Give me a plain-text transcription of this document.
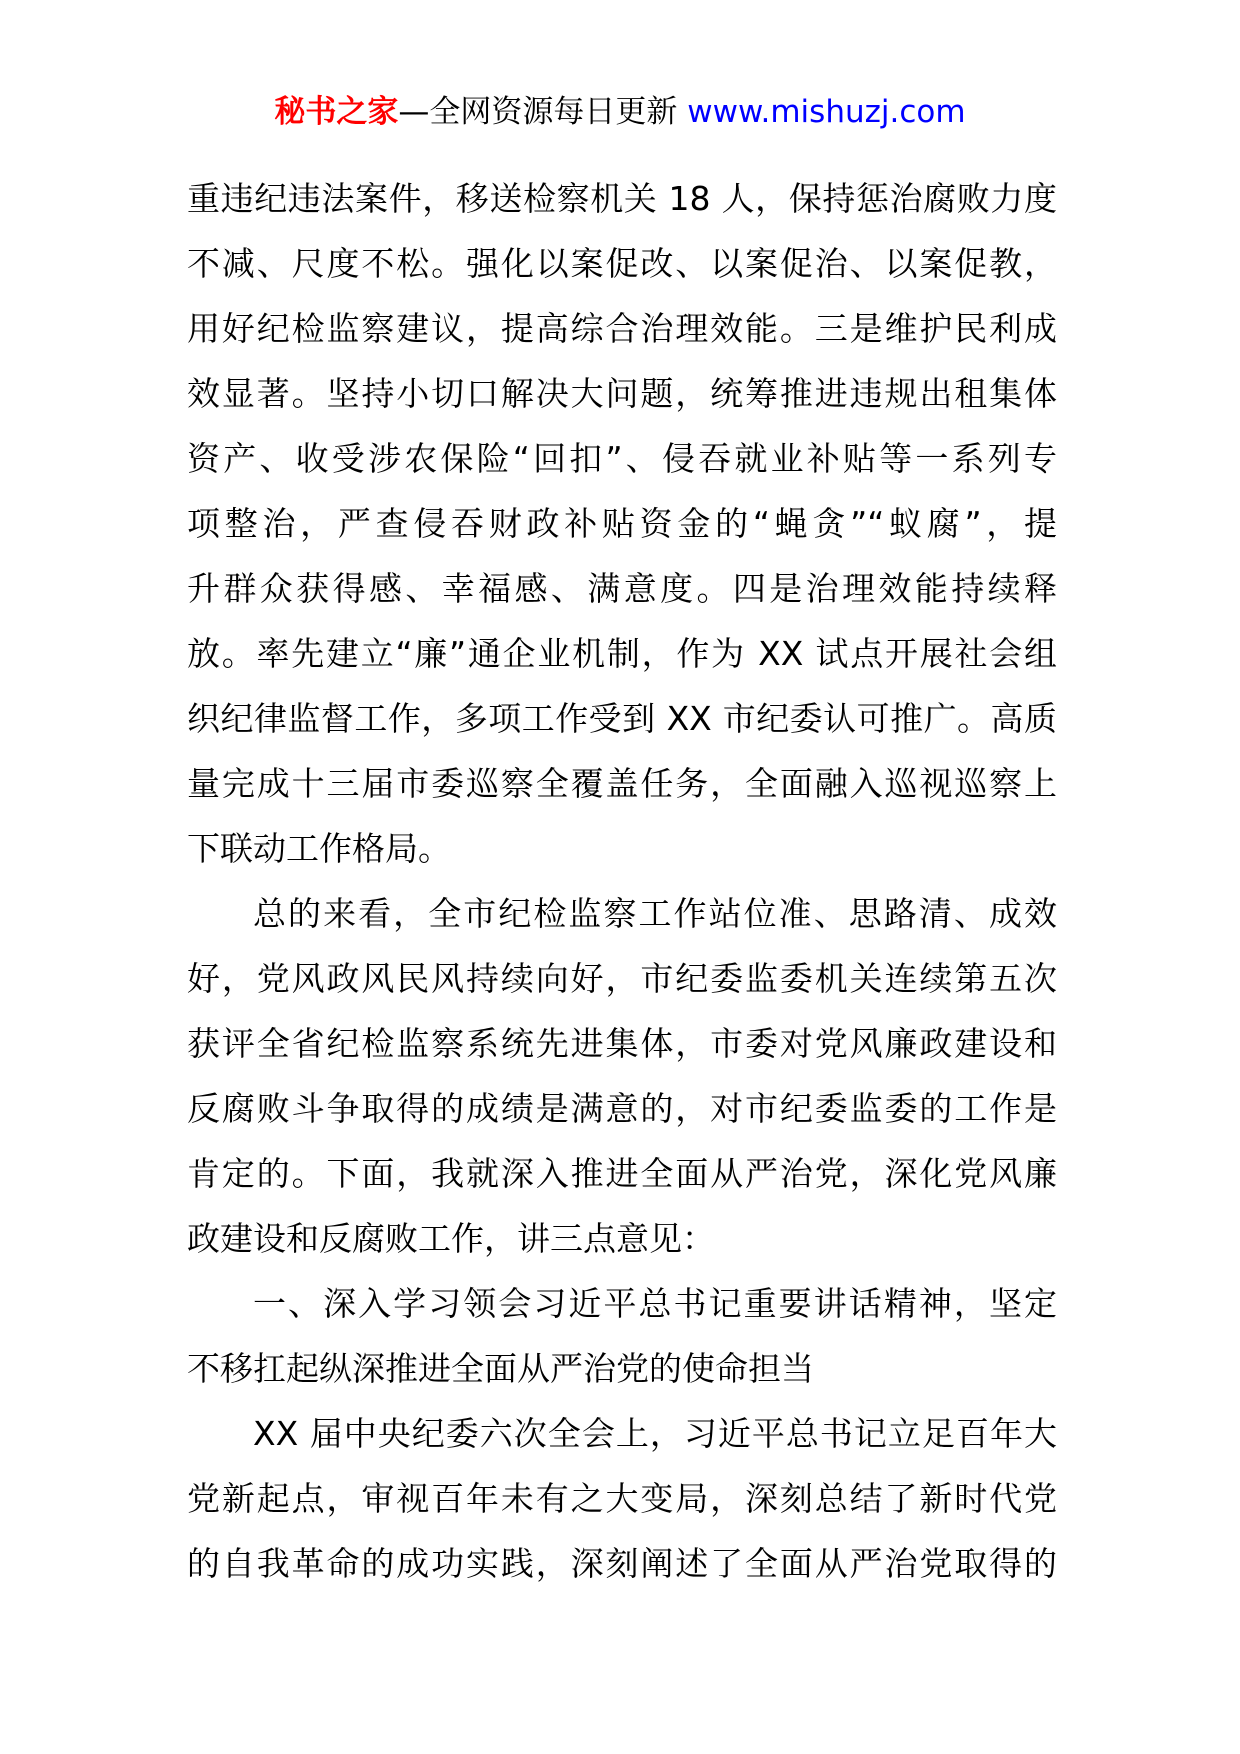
秘书之家—全网资源每日更新 www.mishuzj.com
重违纪违法案件，移送检察机关 18 人，保持惩治腐败力度
不减、尺度不松。强化以案促改、以案促治、以案促教，
用好纪检监察建议，提高综合治理效能。三是维护民利成
效显著。坚持小切口解决大问题，统筹推进违规出租集体
资产、收受涉农保险“回扣”、侵吞就业补贴等一系列专
项整治，严查侵吞财政补贴资金的“蝇贪”“蚁腐”，提
升群众获得感、幸福感、满意度。四是治理效能持续释
放。率先建立“廉”通企业机制，作为 XX 试点开展社会组
织纪律监督工作，多项工作受到 XX 市纪委认可推广。高质
量完成十三届市委巡察全覆盖任务，全面融入巡视巡察上
下联动工作格局。
总的来看，全市纪检监察工作站位准、思路清、成效
好，党风政风民风持续向好，市纪委监委机关连续第五次
获评全省纪检监察系统先进集体，市委对党风廉政建设和
反腐败斗争取得的成绩是满意的，对市纪委监委的工作是
肯定的。下面，我就深入推进全面从严治党，深化党风廉
政建设和反腐败工作，讲三点意见：
一、深入学习领会习近平总书记重要讲话精神，坚定
不移扛起纵深推进全面从严治党的使命担当
XX 届中央纪委六次全会上，习近平总书记立足百年大
党新起点，审视百年未有之大变局，深刻总结了新时代党
的自我革命的成功实践，深刻阐述了全面从严治党取得的
